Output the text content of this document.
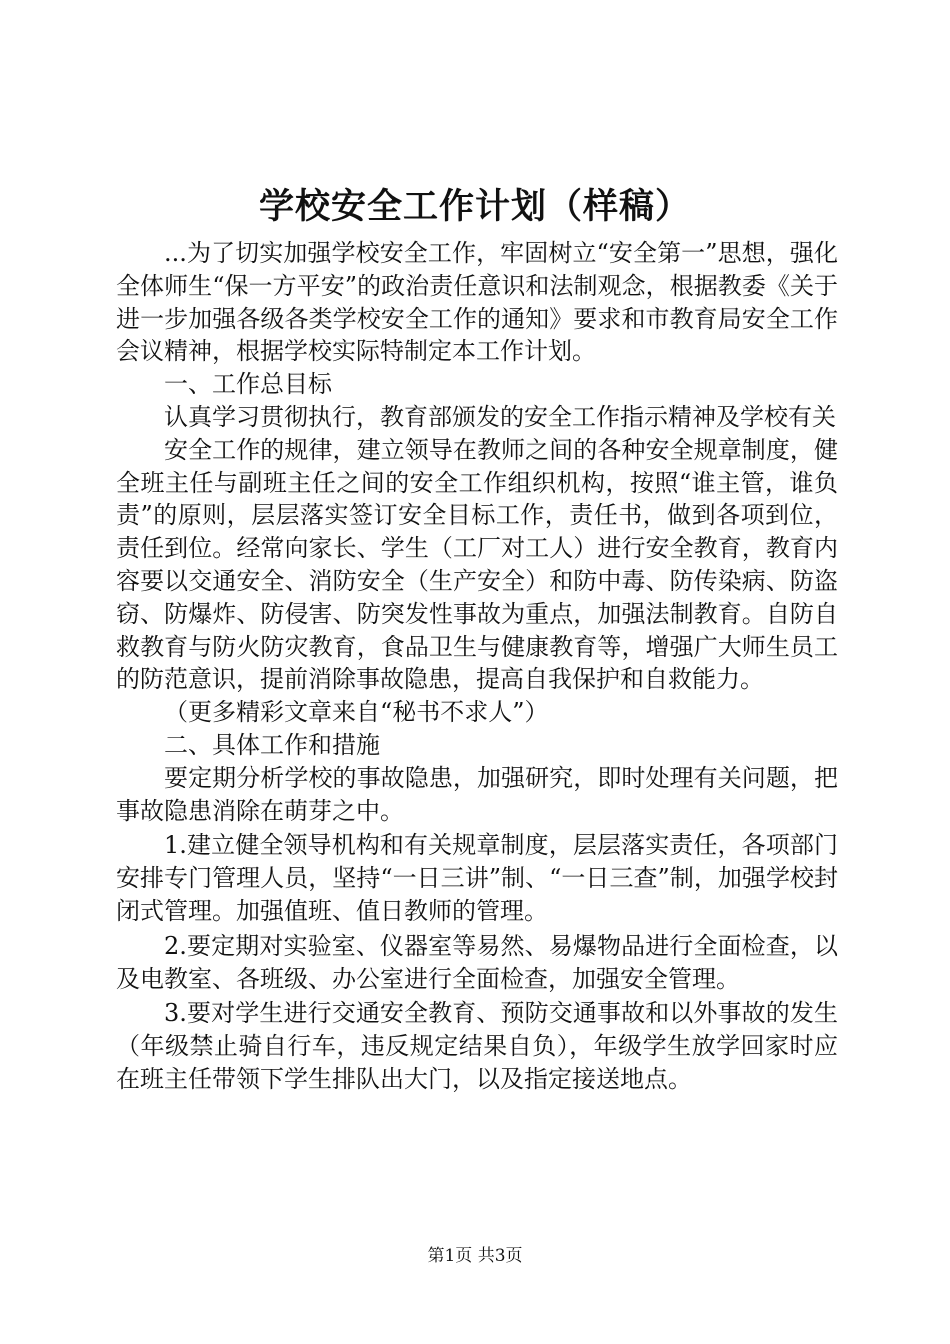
学校安全工作计划（样稿）

...为了切实加强学校安全工作，牢固树立“安全第一”思想，强化全体师生“保一方平安”的政治责任意识和法制观念，根据教委《关于进一步加强各级各类学校安全工作的通知》要求和市教育局安全工作会议精神，根据学校实际特制定本工作计划。

一、工作总目标

认真学习贯彻执行，教育部颁发的安全工作指示精神及学校有关

安全工作的规律，建立领导在教师之间的各种安全规章制度，健全班主任与副班主任之间的安全工作组织机构，按照“谁主管，谁负责”的原则，层层落实签订安全目标工作，责任书，做到各项到位，责任到位。经常向家长、学生（工厂对工人）进行安全教育，教育内容要以交通安全、消防安全（生产安全）和防中毒、防传染病、防盗窃、防爆炸、防侵害、防突发性事故为重点，加强法制教育。自防自救教育与防火防灾教育，食品卫生与健康教育等，增强广大师生员工的防范意识，提前消除事故隐患，提高自我保护和自救能力。

（更多精彩文章来自“秘书不求人”）

二、具体工作和措施

要定期分析学校的事故隐患，加强研究，即时处理有关问题，把事故隐患消除在萌芽之中。

1.建立健全领导机构和有关规章制度，层层落实责任，各项部门安排专门管理人员，坚持“一日三讲”制、“一日三查”制，加强学校封闭式管理。加强值班、值日教师的管理。

2.要定期对实验室、仪器室等易然、易爆物品进行全面检查，以及电教室、各班级、办公室进行全面检查，加强安全管理。

3.要对学生进行交通安全教育、预防交通事故和以外事故的发生（年级禁止骑自行车，违反规定结果自负），年级学生放学回家时应在班主任带领下学生排队出大门，以及指定接送地点。

第1页 共3页
